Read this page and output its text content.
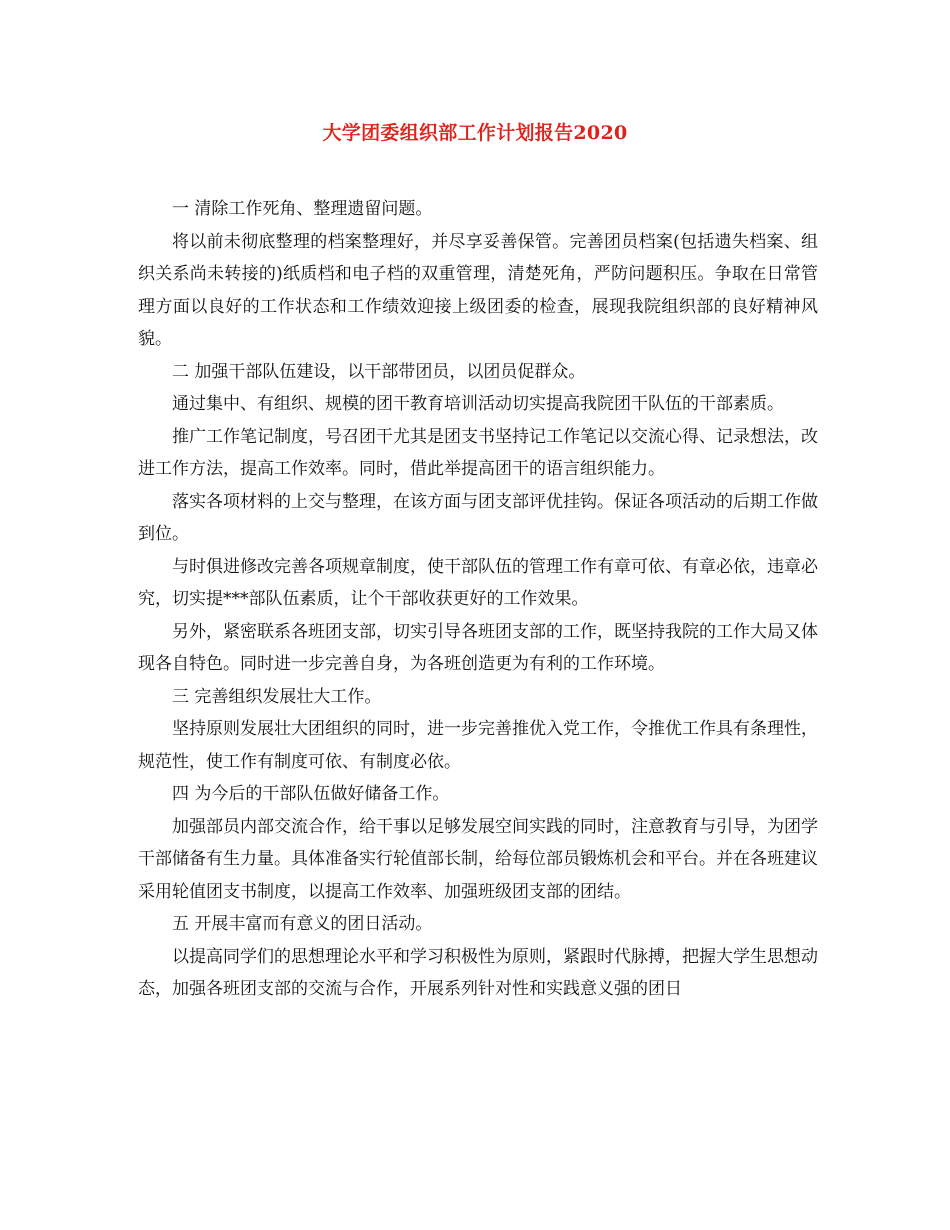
大学团委组织部工作计划报告2020

一 清除工作死角、整理遗留问题。

将以前未彻底整理的档案整理好，并尽享妥善保管。完善团员档案(包括遗失档案、组织关系尚未转接的)纸质档和电子档的双重管理，清楚死角，严防问题积压。争取在日常管理方面以良好的工作状态和工作绩效迎接上级团委的检查，展现我院组织部的良好精神风貌。

二 加强干部队伍建设，以干部带团员，以团员促群众。

通过集中、有组织、规模的团干教育培训活动切实提高我院团干队伍的干部素质。

推广工作笔记制度，号召团干尤其是团支书坚持记工作笔记以交流心得、记录想法，改进工作方法，提高工作效率。同时，借此举提高团干的语言组织能力。

落实各项材料的上交与整理，在该方面与团支部评优挂钩。保证各项活动的后期工作做到位。

与时俱进修改完善各项规章制度，使干部队伍的管理工作有章可依、有章必依，违章必究，切实提***部队伍素质，让个干部收获更好的工作效果。

另外，紧密联系各班团支部，切实引导各班团支部的工作，既坚持我院的工作大局又体现各自特色。同时进一步完善自身，为各班创造更为有利的工作环境。

三 完善组织发展壮大工作。

坚持原则发展壮大团组织的同时，进一步完善推优入党工作，令推优工作具有条理性，规范性，使工作有制度可依、有制度必依。

四 为今后的干部队伍做好储备工作。

加强部员内部交流合作，给干事以足够发展空间实践的同时，注意教育与引导，为团学干部储备有生力量。具体准备实行轮值部长制，给每位部员锻炼机会和平台。并在各班建议采用轮值团支书制度，以提高工作效率、加强班级团支部的团结。

五 开展丰富而有意义的团日活动。

以提高同学们的思想理论水平和学习积极性为原则，紧跟时代脉搏，把握大学生思想动态，加强各班团支部的交流与合作，开展系列针对性和实践意义强的团日
